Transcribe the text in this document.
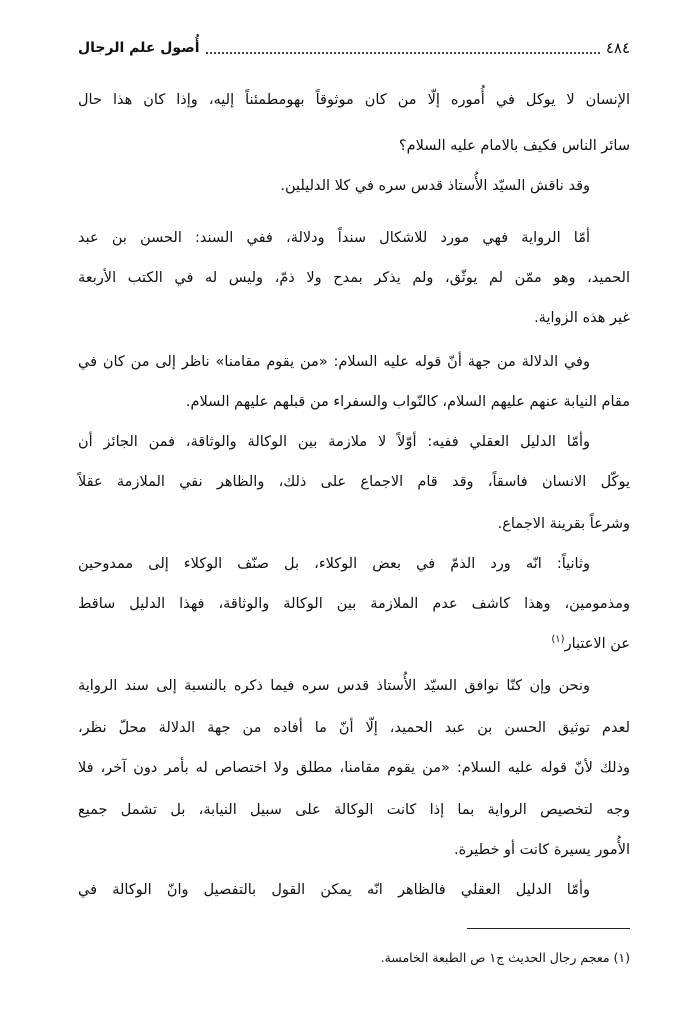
٤٨٤
أُصول علم الرجال
الإنسان لا يوكل في أُموره إلّا من كان موثوقاً بهومطمئناً إليه، وإذا كان هذا حال
سائر الناس فكيف بالامام عليه السلام؟
وقد ناقش السيّد الأُستاذ قدس سره في كلا الدليلين.
أمّا الرواية فهي مورد للاشكال سنداً ودلالة، ففي السند: الحسن بن عبد
الحميد، وهو ممّن لم يوثّق، ولم يذكر بمدح ولا ذمّ، وليس له في الكتب الأربعة
غير هذه الزواية.
وفي الدلالة من جهة أنّ قوله عليه السلام: «من يقوم مقامنا» ناظر إلى من كان في
مقام النيابة عنهم عليهم السلام، كالنّواب والسفراء من قبلهم عليهم السلام.
وأمّا الدليل العقلي ففيه: أوّلاً لا ملازمة بين الوكالة والوثاقة، فمن الجائز أن
يوكّل الانسان فاسقاً، وقد قام الاجماع على ذلك، والظاهر نفي الملازمة عقلاً
وشرعاً بقرينة الاجماع.
وثانياً: انّه ورد الذمّ في بعض الوكلاء، بل صنّف الوكلاء إلى ممدوحين
ومذمومين، وهذا كاشف عدم الملازمة بين الوكالة والوثاقة، فهذا الدليل ساقط
عن الاعتبار$^{(١)}$
ونحن وإن كنّا نوافق السيّد الأُستاذ قدس سره فيما ذكره بالنسبة إلى سند الرواية
لعدم توثيق الحسن بن عبد الحميد، إلّا أنّ ما أفاده من جهة الدلالة محلّ نظر،
وذلك لأنّ قوله عليه السلام: «من يقوم مقامنا، مطلق ولا اختصاص له بأمر دون آخر، فلا
وجه لتخصيص الرواية بما إذا كانت الوكالة على سبيل النيابة، بل تشمل جميع
الأُمور يسيرة كانت أو خطيرة.
وأمّا الدليل العقلي فالظاهر انّه يمكن القول بالتفصيل وانّ الوكالة في
(١) معجم رجال الحديث ج١ ص الطبعة الخامسة.
